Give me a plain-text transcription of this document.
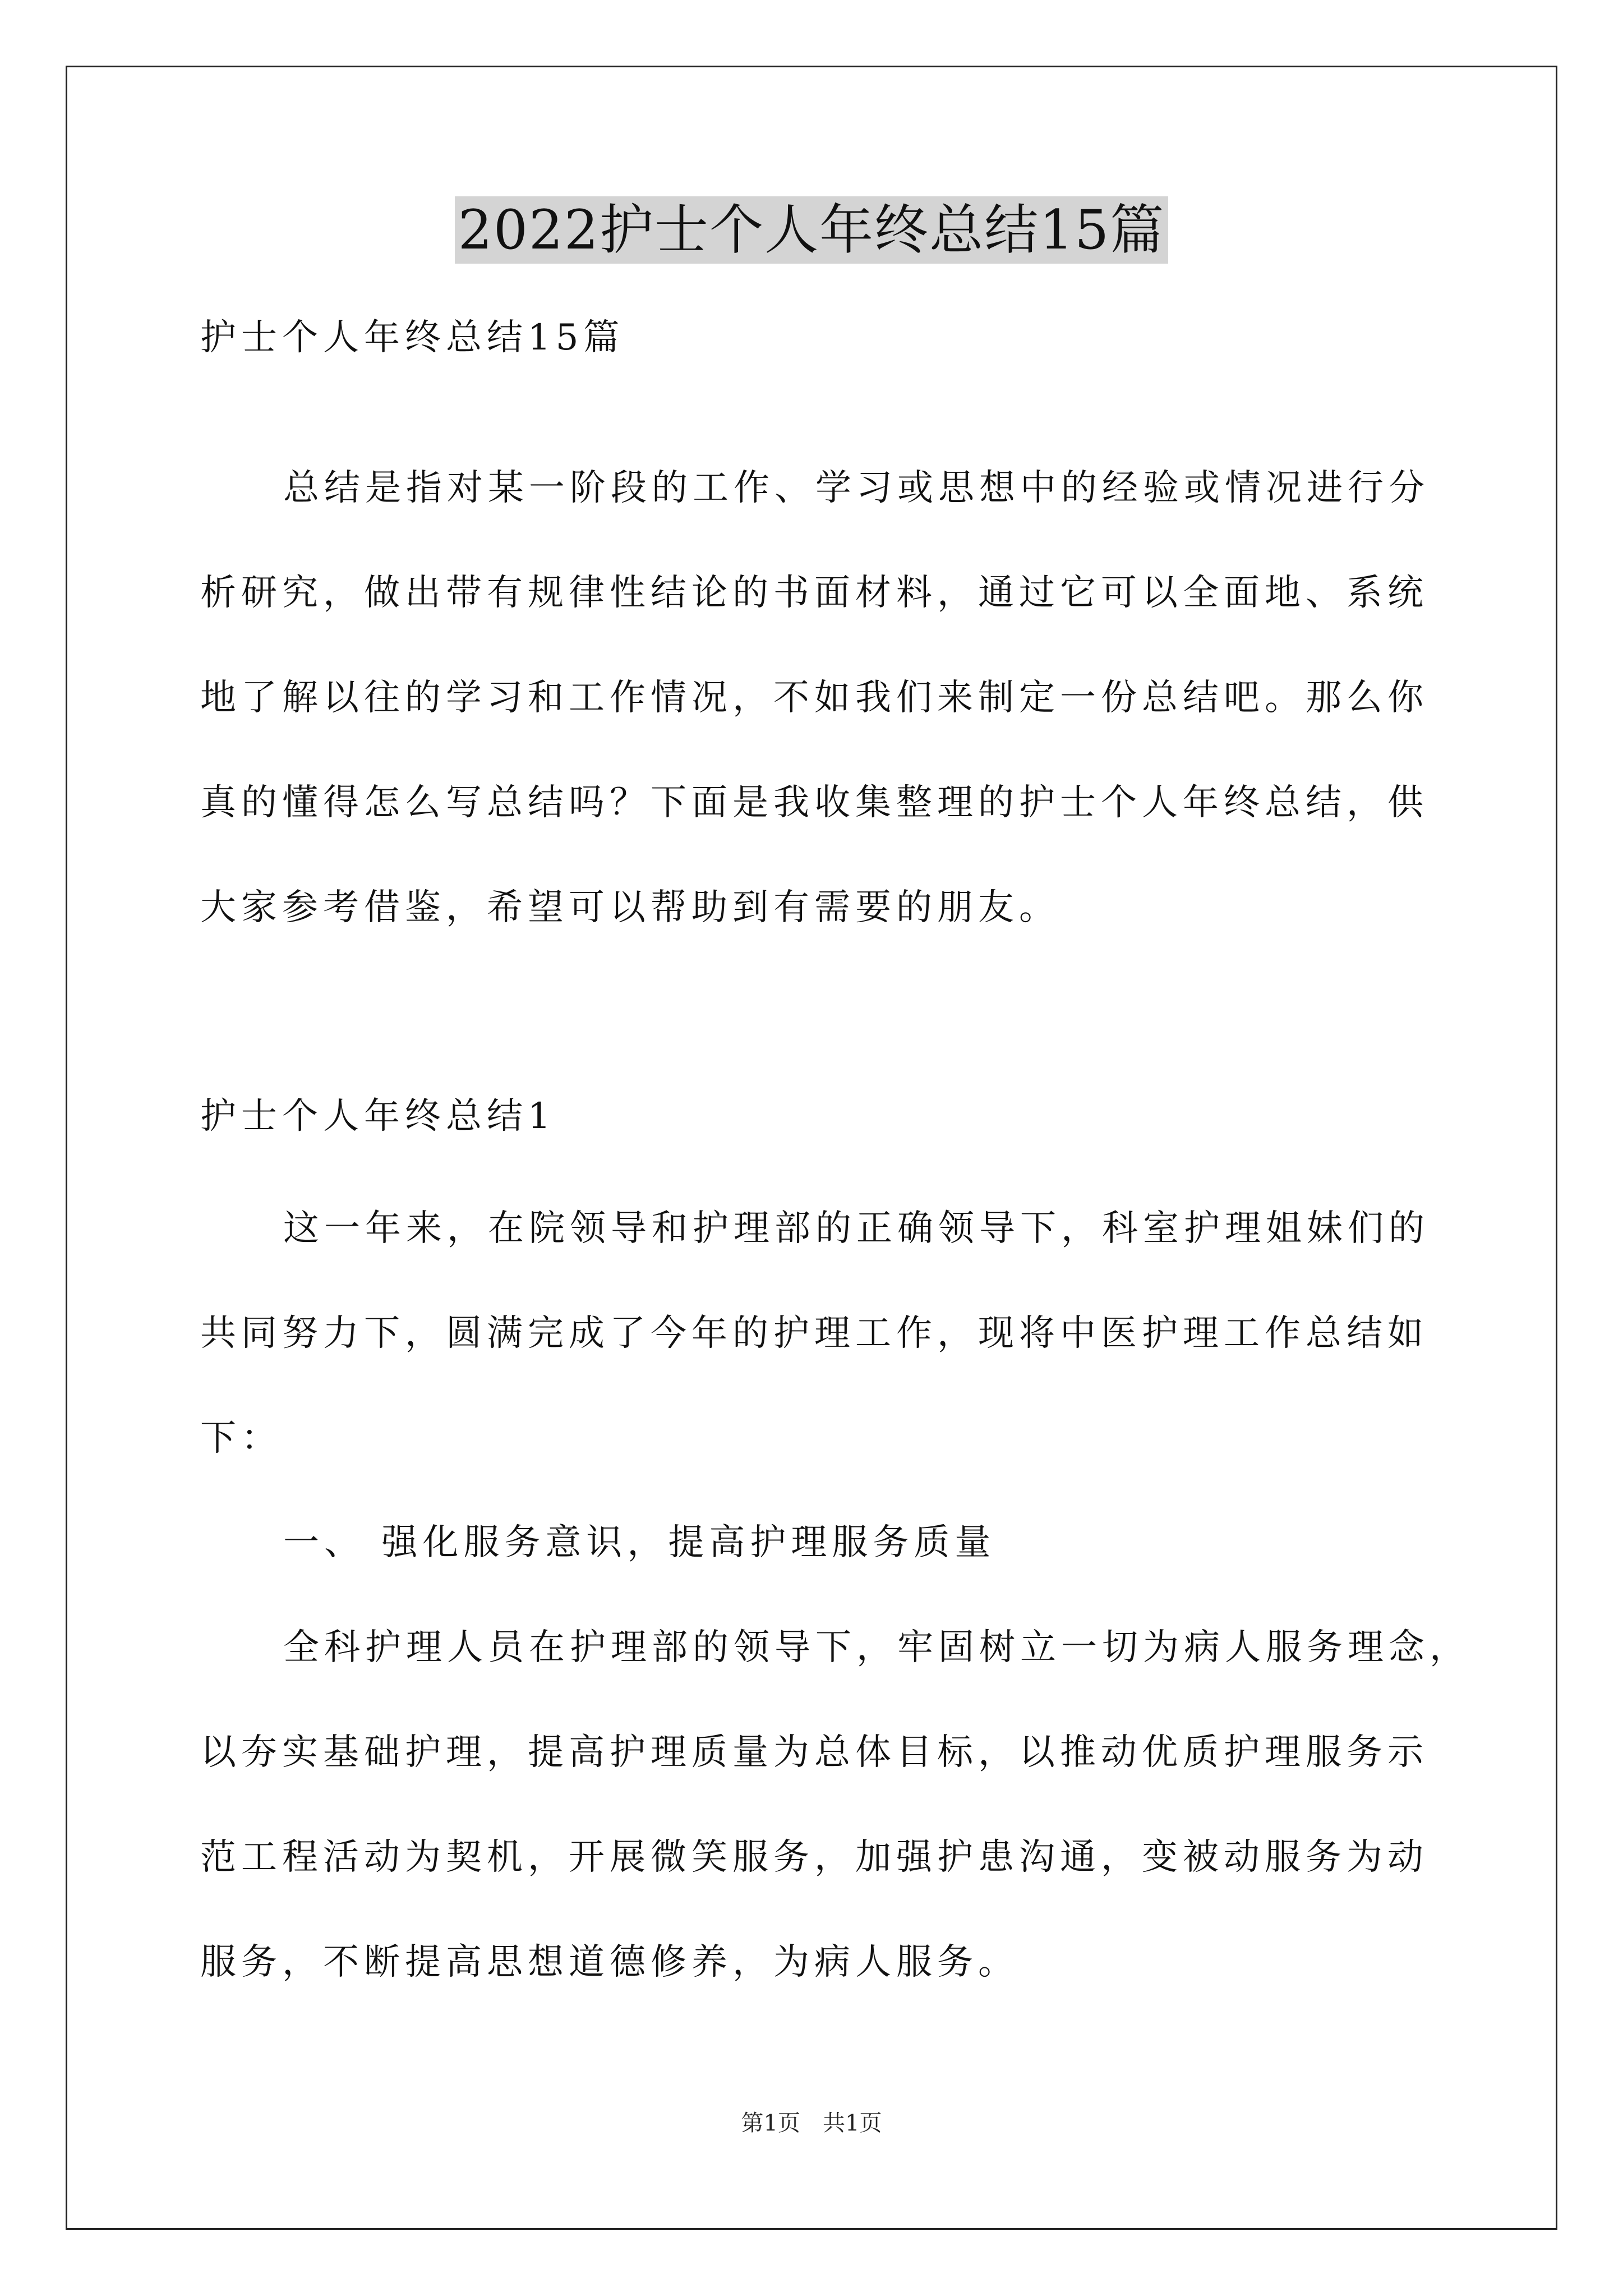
2022护士个人年终总结15篇
护士个人年终总结15篇
总结是指对某一阶段的工作、学习或思想中的经验或情况进行分
析研究，做出带有规律性结论的书面材料，通过它可以全面地、系统
地了解以往的学习和工作情况，不如我们来制定一份总结吧。那么你
真的懂得怎么写总结吗？下面是我收集整理的护士个人年终总结，供
大家参考借鉴，希望可以帮助到有需要的朋友。
护士个人年终总结1
这一年来，在院领导和护理部的正确领导下，科室护理姐妹们的
共同努力下，圆满完成了今年的护理工作，现将中医护理工作总结如
下：
一、 强化服务意识，提高护理服务质量
全科护理人员在护理部的领导下，牢固树立一切为病人服务理念，
以夯实基础护理，提高护理质量为总体目标，以推动优质护理服务示
范工程活动为契机，开展微笑服务，加强护患沟通，变被动服务为动
服务，不断提高思想道德修养，为病人服务。
第1页　共1页
